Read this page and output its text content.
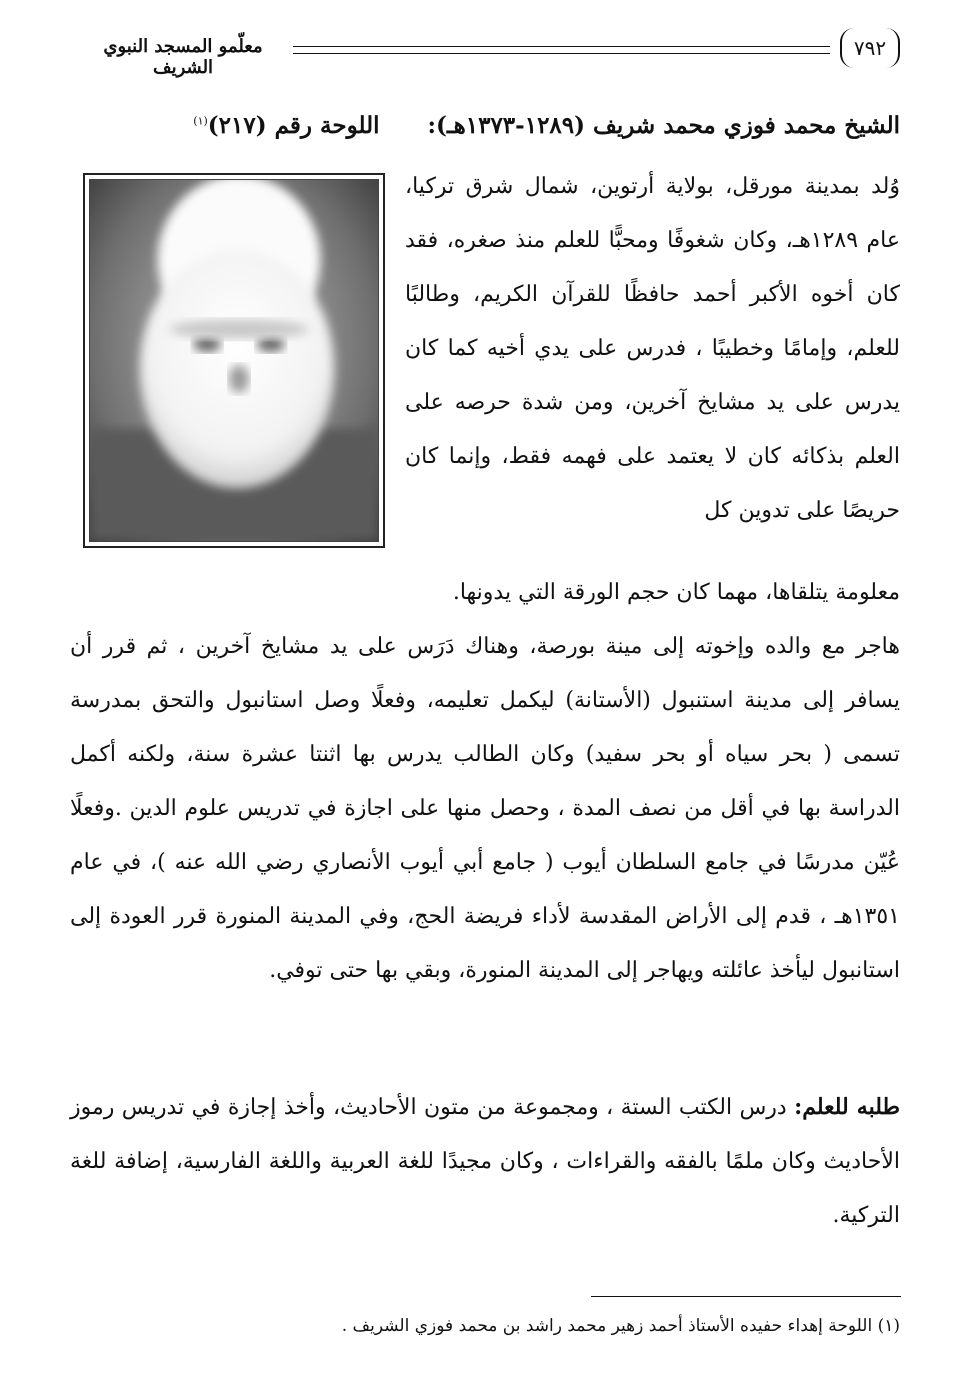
٧٩٢
معلّمو المسجد النبوي الشريف
الشيخ محمد فوزي محمد شريف (١٢٨٩-١٣٧٣هـ): اللوحة رقم (٢١٧)$^{(١)}$

وُلد بمدينة مورقل، بولاية أرتوين، شمال شرق تركيا، عام ١٢٨٩هـ، وكان شغوفًا ومحبًّا للعلم منذ صغره، فقد كان أخوه الأكبر أحمد حافظًا للقرآن الكريم، وطالبًا للعلم، وإمامًا وخطيبًا ، فدرس على يدي أخيه كما كان يدرس على يد مشايخ آخرين، ومن شدة حرصه على العلم بذكائه كان لا يعتمد على فهمه فقط، وإنما كان حريصًا على تدوين كل

معلومة يتلقاها، مهما كان حجم الورقة التي يدونها.

هاجر مع والده وإخوته إلى مينة بورصة، وهناك دَرَس على يد مشايخ آخرين ، ثم قرر أن يسافر إلى مدينة استنبول (الأستانة) ليكمل تعليمه، وفعلًا وصل استانبول والتحق بمدرسة تسمى ( بحر سياه أو بحر سفيد) وكان الطالب يدرس بها اثنتا عشرة سنة، ولكنه أكمل الدراسة بها في أقل من نصف المدة ، وحصل منها على اجازة في تدريس علوم الدين .وفعلًا عُيّن مدرسًا في جامع السلطان أيوب ( جامع أبي أيوب الأنصاري رضي الله عنه )، في عام ١٣٥١هـ ، قدم إلى الأراض المقدسة لأداء فريضة الحج، وفي المدينة المنورة قرر العودة إلى استانبول ليأخذ عائلته ويهاجر إلى المدينة المنورة، وبقي بها حتى توفي.

طلبه للعلم: درس الكتب الستة ، ومجموعة من متون الأحاديث، وأخذ إجازة في تدريس رموز الأحاديث وكان ملمًا بالفقه والقراءات ، وكان مجيدًا للغة العربية واللغة الفارسية، إضافة للغة التركية.

(١) اللوحة إهداء حفيده الأستاذ أحمد زهير محمد راشد بن محمد فوزي الشريف .
